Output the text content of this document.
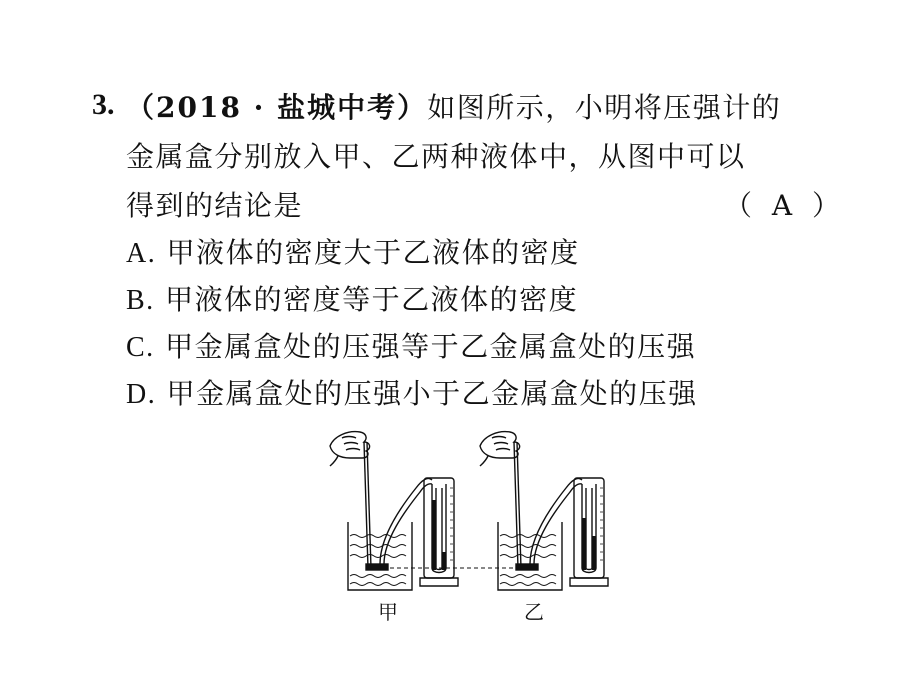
3. （2018 · 盐城中考）如图所示，小明将压强计的
金属盒分别放入甲、乙两种液体中，从图中可以
得到的结论是	（ A ）
A. 甲液体的密度大于乙液体的密度
B. 甲液体的密度等于乙液体的密度
C. 甲金属盒处的压强等于乙金属盒处的压强
D. 甲金属盒处的压强小于乙金属盒处的压强
甲	乙
